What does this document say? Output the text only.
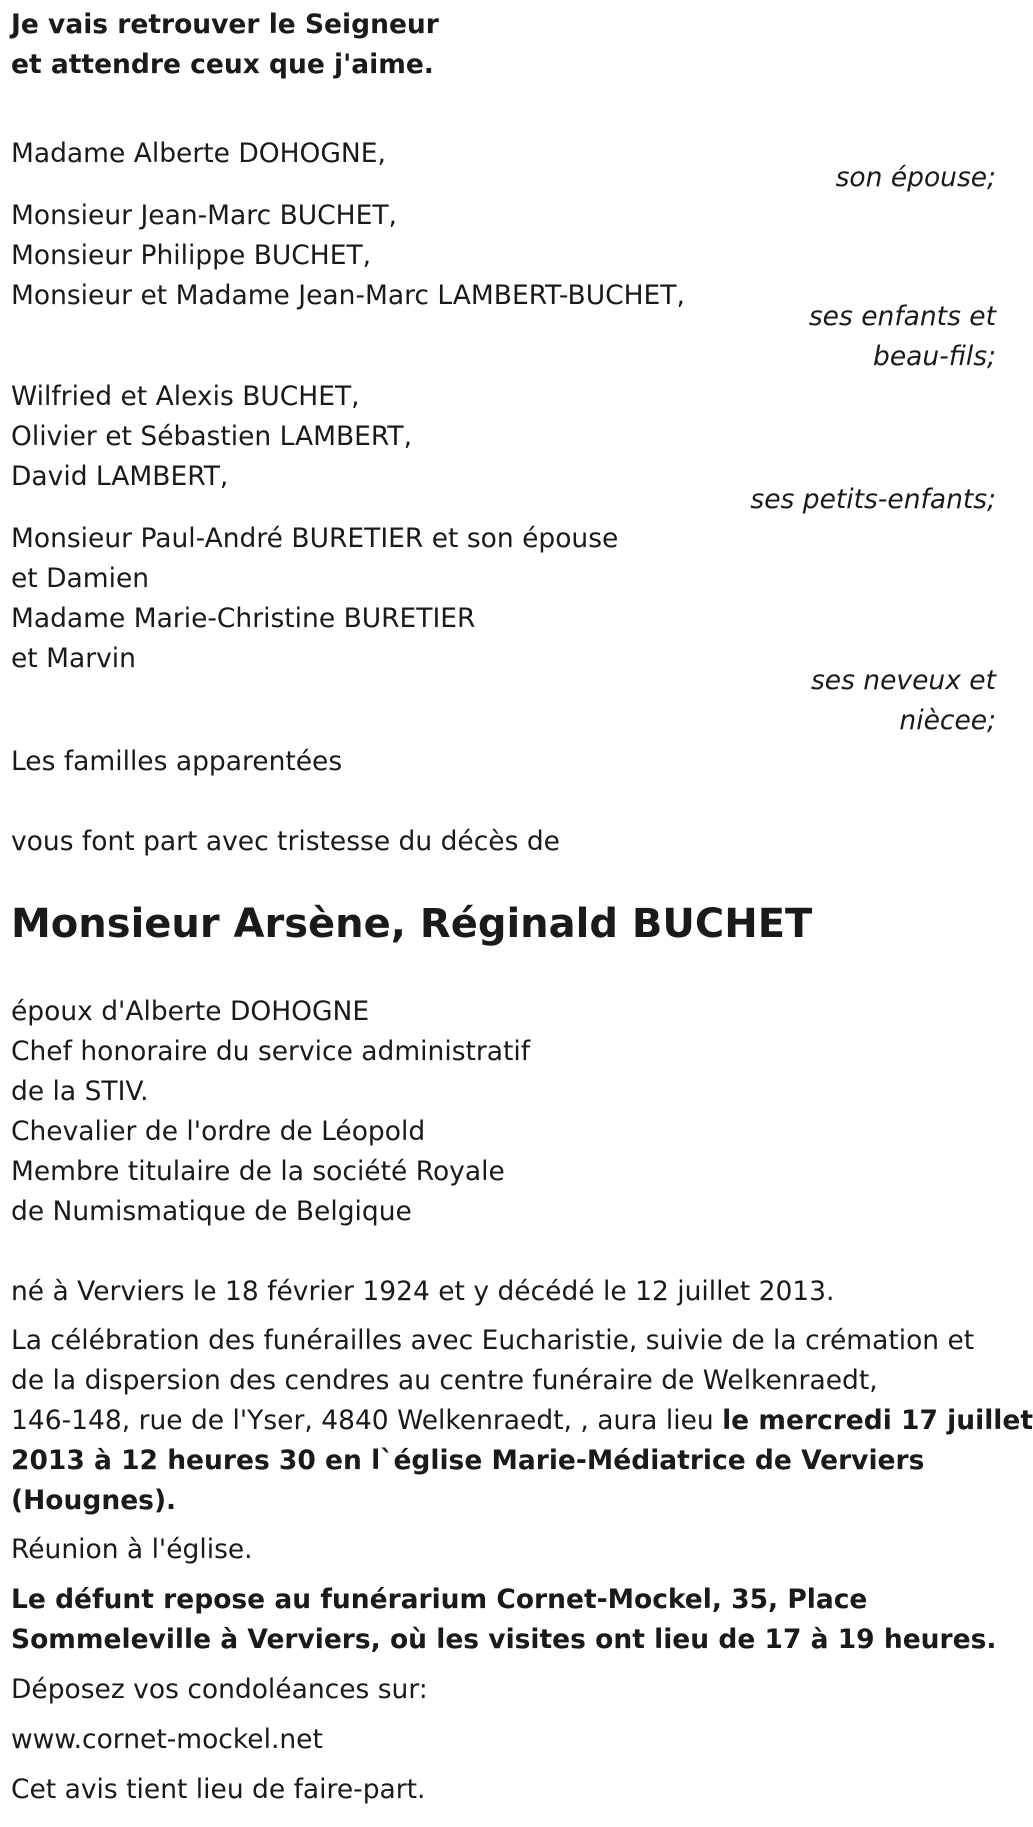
Je vais retrouver le Seigneur
et attendre ceux que j'aime.
Madame Alberte DOHOGNE,
son épouse;
Monsieur Jean-Marc BUCHET,
Monsieur Philippe BUCHET,
Monsieur et Madame Jean-Marc LAMBERT-BUCHET,
ses enfants et
beau-fils;
Wilfried et Alexis BUCHET,
Olivier et Sébastien LAMBERT,
David LAMBERT,
ses petits-enfants;
Monsieur Paul-André BURETIER et son épouse
et Damien
Madame Marie-Christine BURETIER
et Marvin
ses neveux et
nièceе;
Les familles apparentées
vous font part avec tristesse du décès de
Monsieur Arsène, Réginald BUCHET
époux d'Alberte DOHOGNE
Chef honoraire du service administratif
de la STIV.
Chevalier de l'ordre de Léopold
Membre titulaire de la société Royale
de Numismatique de Belgique
né à Verviers le 18 février 1924 et y décédé le 12 juillet 2013.
La célébration des funérailles avec Eucharistie, suivie de la crémation et
de la dispersion des cendres au centre funéraire de Welkenraedt,
146-148, rue de l'Yser, 4840 Welkenraedt, , aura lieu le mercredi 17 juillet
2013 à 12 heures 30 en l`église Marie-Médiatrice de Verviers
(Hougnes).
Réunion à l'église.
Le défunt repose au funérarium Cornet-Mockel, 35, Place
Sommeleville à Verviers, où les visites ont lieu de 17 à 19 heures.
Déposez vos condoléances sur:
www.cornet-mockel.net
Cet avis tient lieu de faire-part.
